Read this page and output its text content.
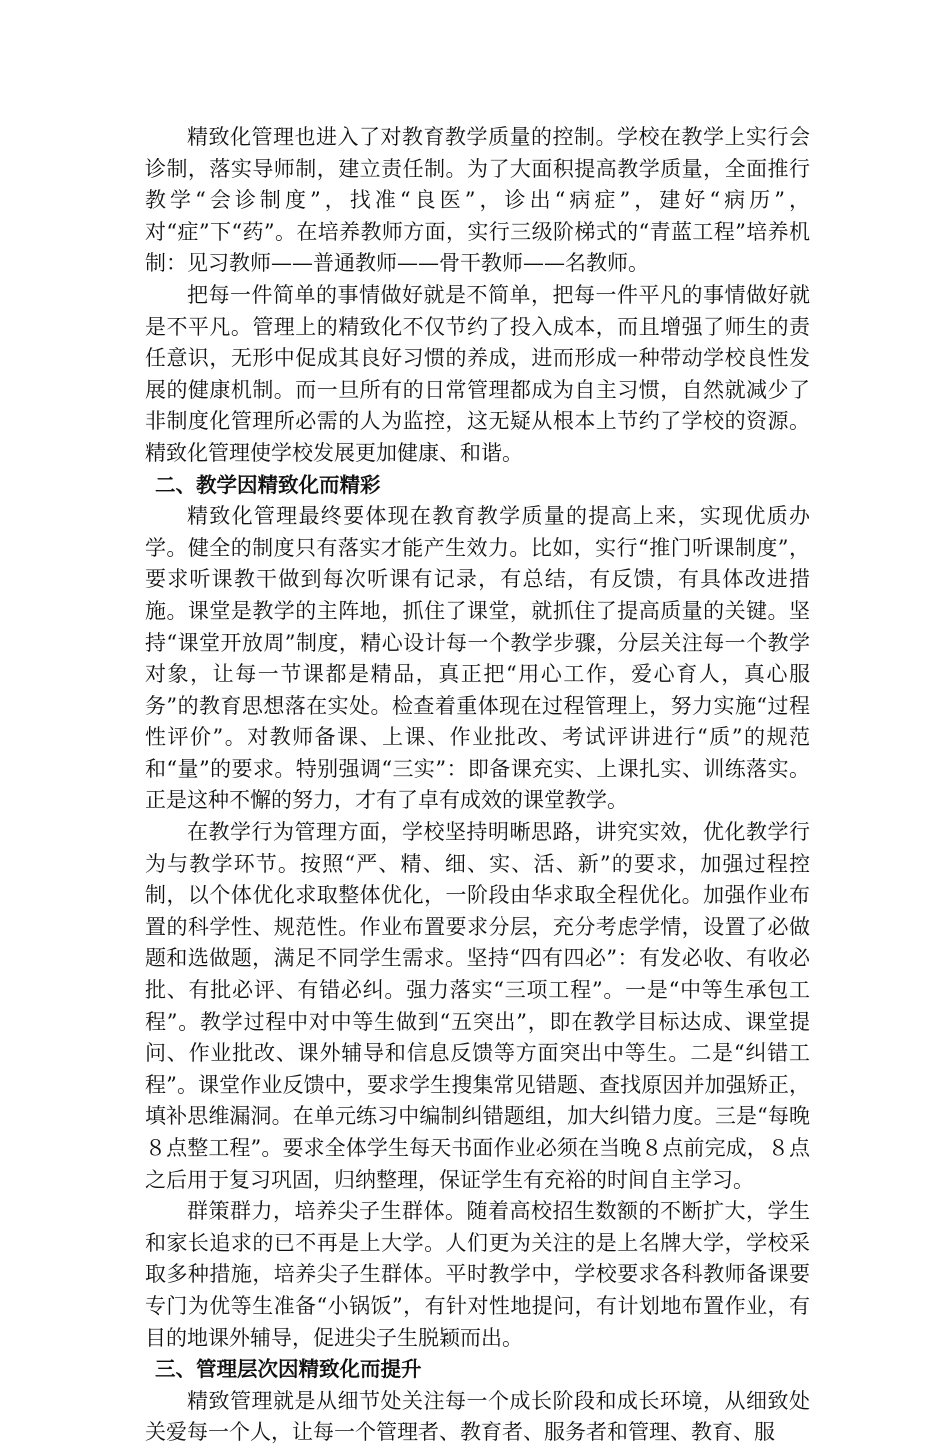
精致化管理也进入了对教育教学质量的控制。学校在教学上实行会诊制，落实导师制，建立责任制。为了大面积提高教学质量，全面推行教学“会诊制度”，找准“良医”，诊出“病症”，建好“病历”，对“症”下“药”。在培养教师方面，实行三级阶梯式的“青蓝工程”培养机制：见习教师——普通教师——骨干教师——名教师。

把每一件简单的事情做好就是不简单，把每一件平凡的事情做好就是不平凡。管理上的精致化不仅节约了投入成本，而且增强了师生的责任意识，无形中促成其良好习惯的养成，进而形成一种带动学校良性发展的健康机制。而一旦所有的日常管理都成为自主习惯，自然就减少了非制度化管理所必需的人为监控，这无疑从根本上节约了学校的资源。精致化管理使学校发展更加健康、和谐。

二、教学因精致化而精彩

精致化管理最终要体现在教育教学质量的提高上来，实现优质办学。健全的制度只有落实才能产生效力。比如，实行“推门听课制度”，要求听课教干做到每次听课有记录，有总结，有反馈，有具体改进措施。课堂是教学的主阵地，抓住了课堂，就抓住了提高质量的关键。坚持“课堂开放周”制度，精心设计每一个教学步骤，分层关注每一个教学对象，让每一节课都是精品，真正把“用心工作，爱心育人，真心服务”的教育思想落在实处。检查着重体现在过程管理上，努力实施“过程性评价”。对教师备课、上课、作业批改、考试评讲进行“质”的规范和“量”的要求。特别强调“三实”：即备课充实、上课扎实、训练落实。正是这种不懈的努力，才有了卓有成效的课堂教学。

在教学行为管理方面，学校坚持明晰思路，讲究实效，优化教学行为与教学环节。按照“严、精、细、实、活、新”的要求，加强过程控制，以个体优化求取整体优化，一阶段由华求取全程优化。加强作业布置的科学性、规范性。作业布置要求分层，充分考虑学情，设置了必做题和选做题，满足不同学生需求。坚持“四有四必”：有发必收、有收必批、有批必评、有错必纠。强力落实“三项工程”。一是“中等生承包工程”。教学过程中对中等生做到“五突出”，即在教学目标达成、课堂提问、作业批改、课外辅导和信息反馈等方面突出中等生。二是“纠错工程”。课堂作业反馈中，要求学生搜集常见错题、查找原因并加强矫正，填补思维漏洞。在单元练习中编制纠错题组，加大纠错力度。三是“每晚８点整工程”。要求全体学生每天书面作业必须在当晚８点前完成，８点之后用于复习巩固，归纳整理，保证学生有充裕的时间自主学习。

群策群力，培养尖子生群体。随着高校招生数额的不断扩大，学生和家长追求的已不再是上大学。人们更为关注的是上名牌大学，学校采取多种措施，培养尖子生群体。平时教学中，学校要求各科教师备课要专门为优等生准备“小锅饭”，有针对性地提问，有计划地布置作业，有目的地课外辅导，促进尖子生脱颖而出。

三、管理层次因精致化而提升

精致管理就是从细节处关注每一个成长阶段和成长环境，从细致处关爱每一个人，让每一个管理者、教育者、服务者和管理、教育、服
